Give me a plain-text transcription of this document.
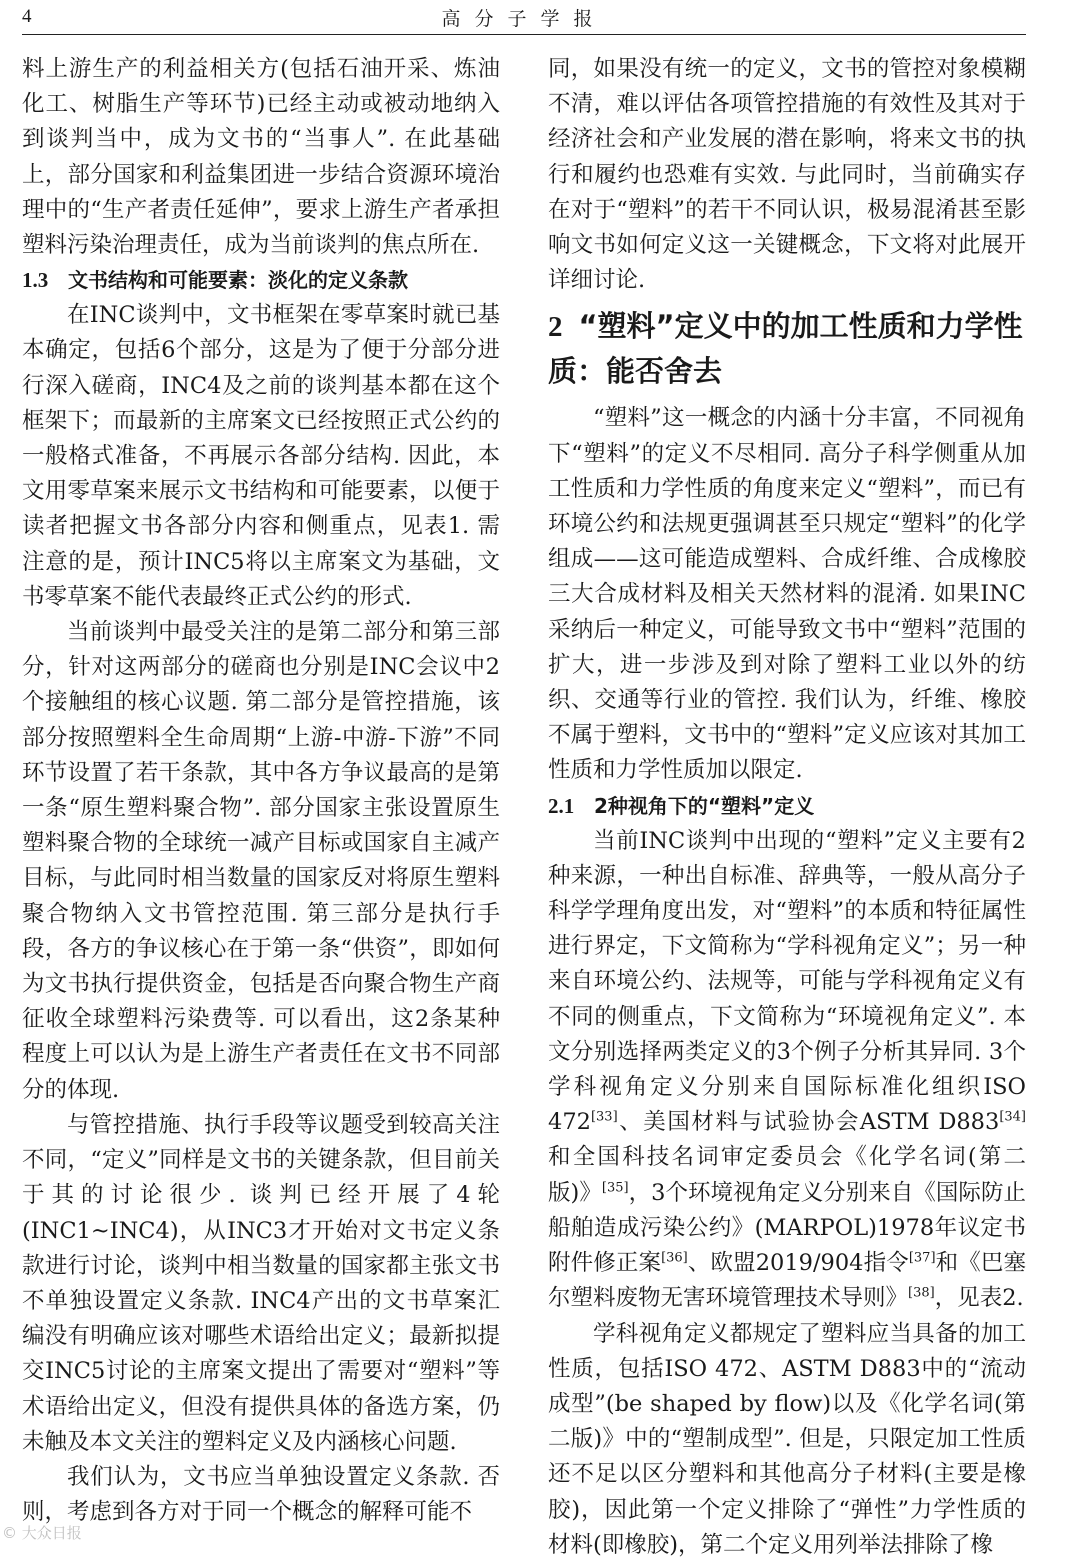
4	高分子学报

料上游生产的利益相关方(包括石油开采、炼油化工、树脂生产等环节)已经主动或被动地纳入到谈判当中，成为文书的“当事人”. 在此基础上，部分国家和利益集团进一步结合资源环境治理中的“生产者责任延伸”，要求上游生产者承担塑料污染治理责任，成为当前谈判的焦点所在.

1.3 文书结构和可能要素：淡化的定义条款

在INC谈判中，文书框架在零草案时就已基本确定，包括6个部分，这是为了便于分部分进行深入磋商，INC4及之前的谈判基本都在这个框架下；而最新的主席案文已经按照正式公约的一般格式准备，不再展示各部分结构. 因此，本文用零草案来展示文书结构和可能要素，以便于读者把握文书各部分内容和侧重点，见表1. 需注意的是，预计INC5将以主席案文为基础，文书零草案不能代表最终正式公约的形式.

当前谈判中最受关注的是第二部分和第三部分，针对这两部分的磋商也分别是INC会议中2个接触组的核心议题. 第二部分是管控措施，该部分按照塑料全生命周期“上游-中游-下游”不同环节设置了若干条款，其中各方争议最高的是第一条“原生塑料聚合物”. 部分国家主张设置原生塑料聚合物的全球统一减产目标或国家自主减产目标，与此同时相当数量的国家反对将原生塑料聚合物纳入文书管控范围. 第三部分是执行手段，各方的争议核心在于第一条“供资”，即如何为文书执行提供资金，包括是否向聚合物生产商征收全球塑料污染费等. 可以看出，这2条某种程度上可以认为是上游生产者责任在文书不同部分的体现.

与管控措施、执行手段等议题受到较高关注不同，“定义”同样是文书的关键条款，但目前关于其的讨论很少. 谈判已经开展了4轮(INC1~INC4)，从INC3才开始对文书定义条款进行讨论，谈判中相当数量的国家都主张文书不单独设置定义条款. INC4产出的文书草案汇编没有明确应该对哪些术语给出定义；最新拟提交INC5讨论的主席案文提出了需要对“塑料”等术语给出定义，但没有提供具体的备选方案，仍未触及本文关注的塑料定义及内涵核心问题.

我们认为，文书应当单独设置定义条款. 否则，考虑到各方对于同一个概念的解释可能不

同，如果没有统一的定义，文书的管控对象模糊不清，难以评估各项管控措施的有效性及其对于经济社会和产业发展的潜在影响，将来文书的执行和履约也恐难有实效. 与此同时，当前确实存在对于“塑料”的若干不同认识，极易混淆甚至影响文书如何定义这一关键概念，下文将对此展开详细讨论.

2 “塑料”定义中的加工性质和力学性质：能否舍去

“塑料”这一概念的内涵十分丰富，不同视角下“塑料”的定义不尽相同. 高分子科学侧重从加工性质和力学性质的角度来定义“塑料”，而已有环境公约和法规更强调甚至只规定“塑料”的化学组成——这可能造成塑料、合成纤维、合成橡胶三大合成材料及相关天然材料的混淆. 如果INC采纳后一种定义，可能导致文书中“塑料”范围的扩大，进一步涉及到对除了塑料工业以外的纺织、交通等行业的管控. 我们认为，纤维、橡胶不属于塑料，文书中的“塑料”定义应该对其加工性质和力学性质加以限定.

2.1 2种视角下的“塑料”定义

当前INC谈判中出现的“塑料”定义主要有2种来源，一种出自标准、辞典等，一般从高分子科学学理角度出发，对“塑料”的本质和特征属性进行界定，下文简称为“学科视角定义”；另一种来自环境公约、法规等，可能与学科视角定义有不同的侧重点，下文简称为“环境视角定义”. 本文分别选择两类定义的3个例子分析其异同. 3个学科视角定义分别来自国际标准化组织ISO 472[33]、美国材料与试验协会ASTM D883[34]和全国科技名词审定委员会《化学名词(第二版)》[35]，3个环境视角定义分别来自《国际防止船舶造成污染公约》(MARPOL)1978年议定书附件修正案[36]、欧盟2019/904指令[37]和《巴塞尔塑料废物无害环境管理技术导则》[38]，见表2.

学科视角定义都规定了塑料应当具备的加工性质，包括ISO 472、ASTM D883中的“流动成型”(be shaped by flow)以及《化学名词(第二版)》中的“塑制成型”. 但是，只限定加工性质还不足以区分塑料和其他高分子材料(主要是橡胶)，因此第一个定义排除了“弹性”力学性质的材料(即橡胶)，第二个定义用列举法排除了橡

© 大众日报
